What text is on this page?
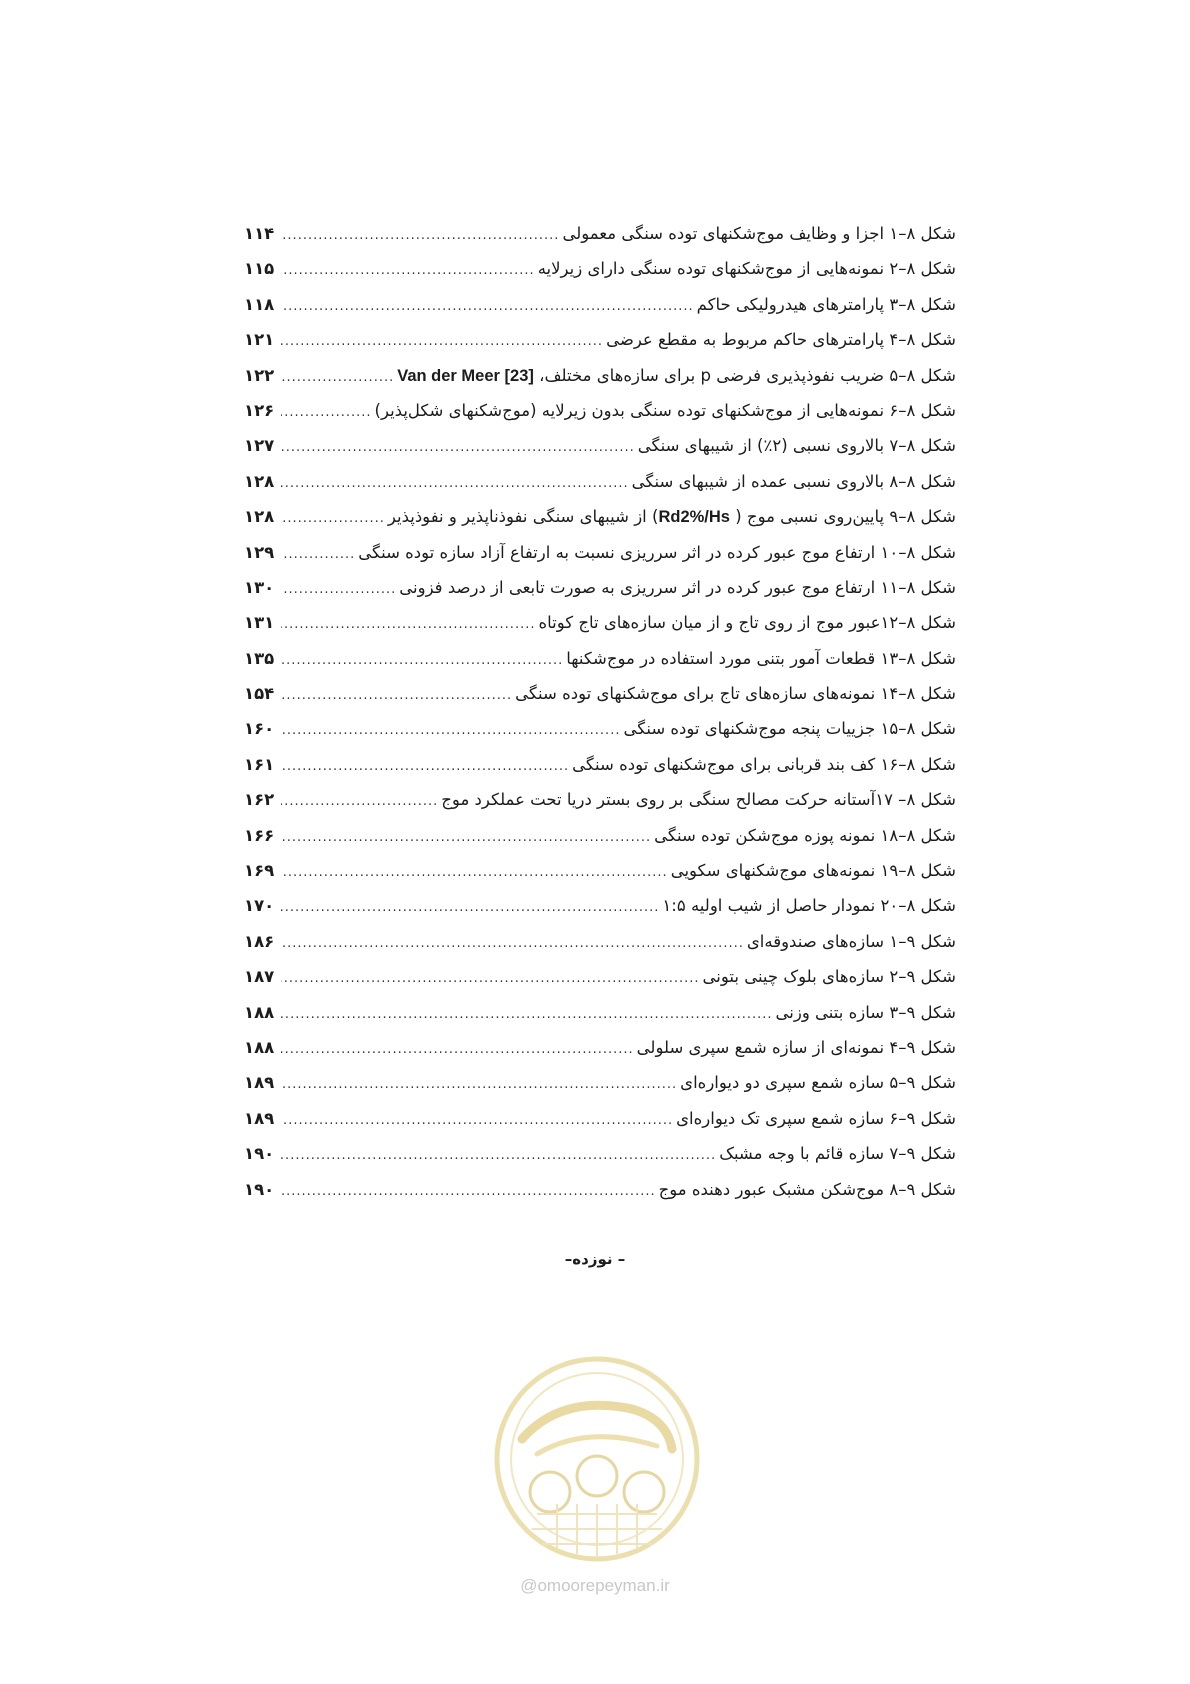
شکل ۸–۱ اجزا و وظایف موج‌شکنهای توده سنگی معمولی
.....
۱۱۴
شکل ۸–۲ نمونه‌هایی از موج‌شکنهای توده سنگی دارای زیرلایه
.....
۱۱۵
شکل ۸–۳ پارامترهای هیدرولیکی حاکم
.....
۱۱۸
شکل ۸–۴ پارامترهای حاکم مربوط به مقطع عرضی
.....
۱۲۱
شکل ۸–۵ ضریب نفوذپذیری فرضی p برای سازه‌های مختلف، Van der Meer [23]
.....
۱۲۲
شکل ۸–۶ نمونه‌هایی از موج‌شکنهای توده سنگی بدون زیرلایه (موج‌شکنهای شکل‌پذیر)
.....
۱۲۶
شکل ۸–۷ بالاروی نسبی (۲٪) از شیبهای سنگی
.....
۱۲۷
شکل ۸–۸ بالاروی نسبی عمده از شیبهای سنگی
.....
۱۲۸
شکل ۸–۹ پایین‌روی نسبی موج ( Rd2%/Hs) از شیبهای سنگی نفوذناپذیر و نفوذپذیر
.....
۱۲۸
شکل ۸–۱۰ ارتفاع موج عبور کرده در اثر سرریزی نسبت به ارتفاع آزاد سازه توده سنگی
.....
۱۲۹
شکل ۸–۱۱ ارتفاع موج عبور کرده در اثر سرریزی به صورت تابعی از درصد فزونی
.....
۱۳۰
شکل ۸–۱۲عبور موج از روی تاج و از میان سازه‌های تاج کوتاه
.....
۱۳۱
شکل ۸–۱۳ قطعات آمور بتنی مورد استفاده در موج‌شکنها
.....
۱۳۵
شکل ۸–۱۴ نمونه‌های سازه‌های تاج برای موج‌شکنهای توده سنگی
.....
۱۵۴
شکل ۸–۱۵ جزییات پنجه موج‌شکنهای توده سنگی
.....
۱۶۰
شکل ۸–۱۶ کف بند قربانی برای موج‌شکنهای توده سنگی
.....
۱۶۱
شکل ۸– ۱۷آستانه حرکت مصالح سنگی بر روی بستر دریا تحت عملکرد موج
.....
۱۶۲
شکل ۸–۱۸ نمونه پوزه موج‌شکن توده سنگی
.....
۱۶۶
شکل ۸–۱۹ نمونه‌های موج‌شکنهای سکویی
.....
۱۶۹
شکل ۸–۲۰ نمودار حاصل از شیب اولیه ۱:۵
.....
۱۷۰
شکل ۹–۱ سازه‌های صندوقه‌ای
.....
۱۸۶
شکل ۹–۲ سازه‌های بلوک چینی بتونی
.....
۱۸۷
شکل ۹–۳ سازه بتنی وزنی
.....
۱۸۸
شکل ۹–۴ نمونه‌ای از سازه شمع سپری سلولی
.....
۱۸۸
شکل ۹–۵ سازه شمع سپری دو دیواره‌ای
.....
۱۸۹
شکل ۹–۶ سازه شمع سپری تک دیواره‌ای
.....
۱۸۹
شکل ۹–۷ سازه قائم با وجه مشبک
.....
۱۹۰
شکل ۹–۸ موج‌شکن مشبک عبور دهنده موج
.....
۱۹۰
– نوزده–
@omoorepeyman.ir
